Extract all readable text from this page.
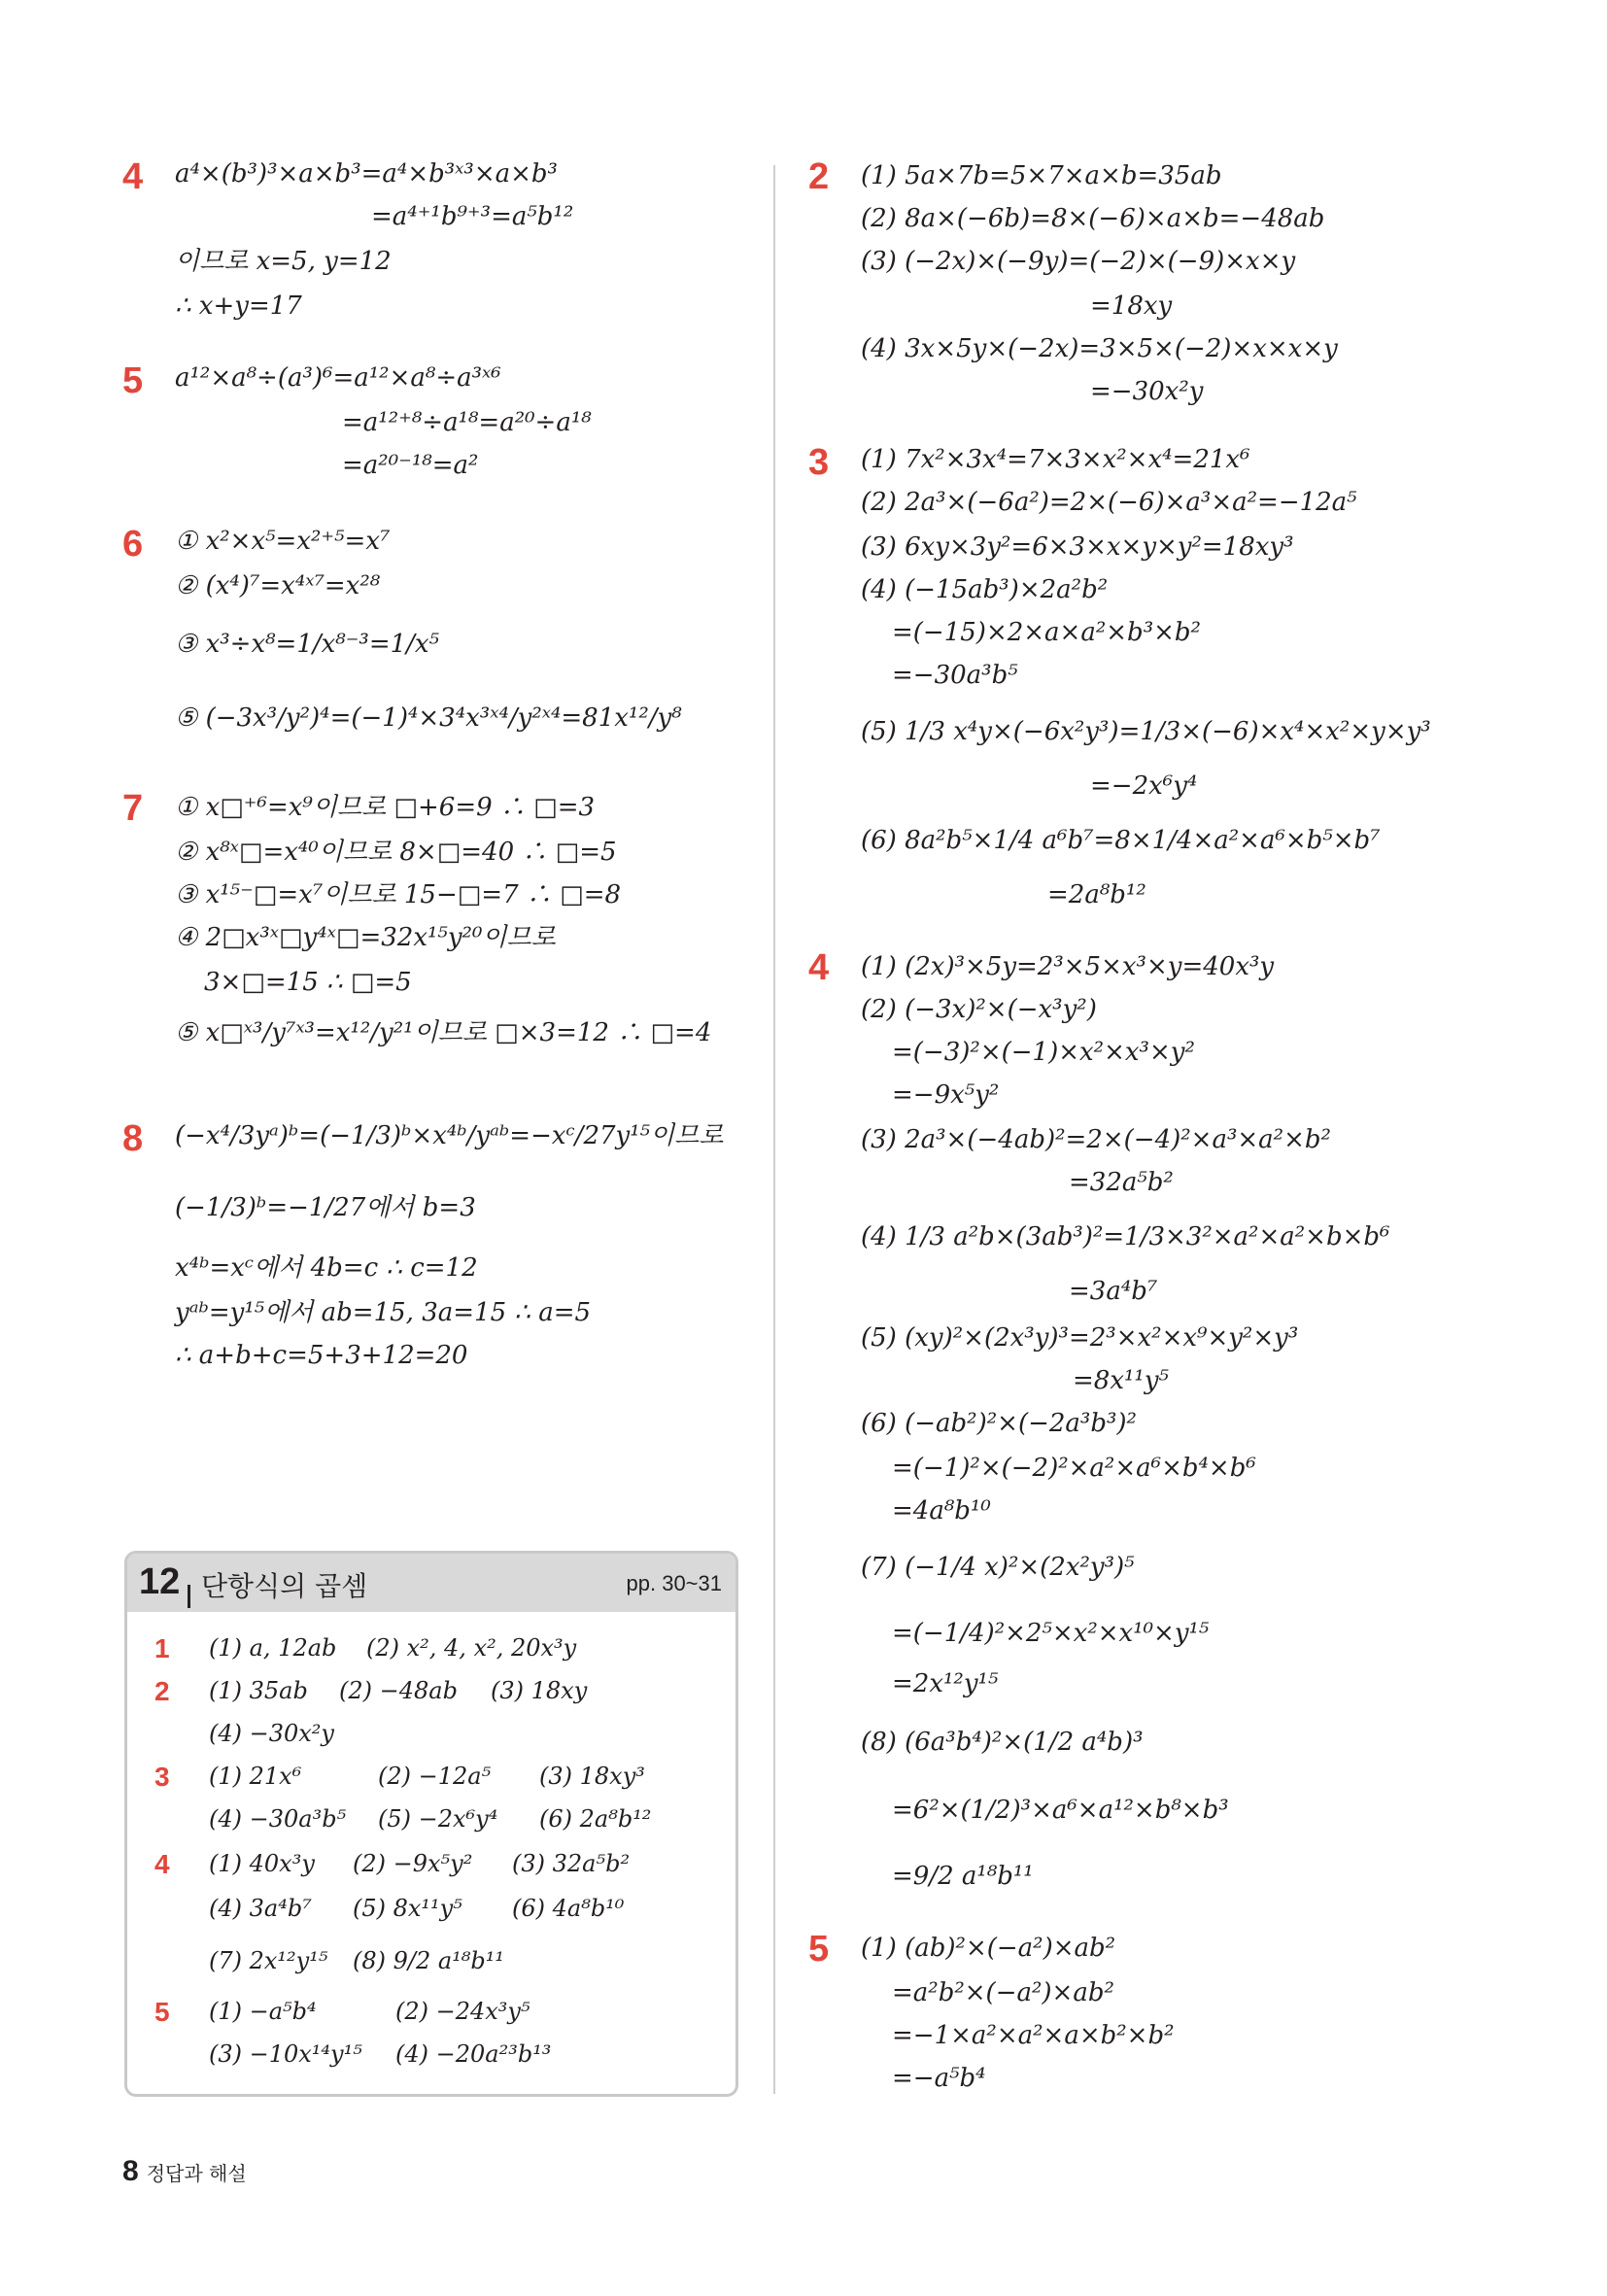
4 a⁴×(b³)³×a×b³=a⁴×b³ˣ³×a×b³
=a⁴⁺¹b⁹⁺³=a⁵b¹²
이므로 x=5, y=12
∴ x+y=17
5 a¹²×a⁸÷(a³)⁶=a¹²×a⁸÷a³ˣ⁶
=a¹²⁺⁸÷a¹⁸=a²⁰÷a¹⁸
=a²⁰⁻¹⁸=a²
6 ① x²×x⁵=x²⁺⁵=x⁷
② (x⁴)⁷=x⁴ˣ⁷=x²⁸
③ x³÷x⁸=1/x⁸⁻³=1/x⁵
⑤ (−3x³/y²)⁴=(−1)⁴×3⁴x³ˣ⁴/y²ˣ⁴=81x¹²/y⁸
7 ① x□⁺⁶=x⁹이므로 □+6=9 ∴ □=3
② x⁸ˣ□=x⁴⁰이므로 8×□=40 ∴ □=5
③ x¹⁵⁻□=x⁷이므로 15−□=7 ∴ □=8
④ 2□x³ˣ□y⁴ˣ□=32x¹⁵y²⁰이므로
3×□=15 ∴ □=5
⑤ x□ˣ³/y⁷ˣ³=x¹²/y²¹이므로 □×3=12 ∴ □=4
8 (−x⁴/3yᵃ)ᵇ=(−1/3)ᵇ×x⁴ᵇ/yᵃᵇ=−xᶜ/27y¹⁵이므로
(−1/3)ᵇ=−1/27에서 b=3
x⁴ᵇ=xᶜ에서 4b=c ∴ c=12
yᵃᵇ=y¹⁵에서 ab=15, 3a=15 ∴ a=5
∴ a+b+c=5+3+12=20
12 단항식의 곱셈	pp. 30~31
1 (1) a, 12ab (2) x², 4, x², 20x³y
2 (1) 35ab (2) −48ab (3) 18xy
(4) −30x²y
3 (1) 21x⁶	(2) −12a⁵ (3) 18xy³
(4) −30a³b⁵ (5) −2x⁶y⁴ (6) 2a⁸b¹²
4 (1) 40x³y (2) −9x⁵y² (3) 32a⁵b²
(4) 3a⁴b⁷ (5) 8x¹¹y⁵ (6) 4a⁸b¹⁰
(7) 2x¹²y¹⁵ (8) 9/2 a¹⁸b¹¹
5 (1) −a⁵b⁴	(2) −24x³y⁵
(3) −10x¹⁴y¹⁵ (4) −20a²³b¹³
2 (1) 5a×7b=5×7×a×b=35ab
(2) 8a×(−6b)=8×(−6)×a×b=−48ab
(3) (−2x)×(−9y)=(−2)×(−9)×x×y
=18xy
(4) 3x×5y×(−2x)=3×5×(−2)×x×x×y
=−30x²y
3 (1) 7x²×3x⁴=7×3×x²×x⁴=21x⁶
(2) 2a³×(−6a²)=2×(−6)×a³×a²=−12a⁵
(3) 6xy×3y²=6×3×x×y×y²=18xy³
(4) (−15ab³)×2a²b²
=(−15)×2×a×a²×b³×b²
=−30a³b⁵
(5) 1/3 x⁴y×(−6x²y³)=1/3×(−6)×x⁴×x²×y×y³
=−2x⁶y⁴
(6) 8a²b⁵×1/4 a⁶b⁷=8×1/4×a²×a⁶×b⁵×b⁷
=2a⁸b¹²
4 (1) (2x)³×5y=2³×5×x³×y=40x³y
(2) (−3x)²×(−x³y²)
=(−3)²×(−1)×x²×x³×y²
=−9x⁵y²
(3) 2a³×(−4ab)²=2×(−4)²×a³×a²×b²
=32a⁵b²
(4) 1/3 a²b×(3ab³)²=1/3×3²×a²×a²×b×b⁶
=3a⁴b⁷
(5) (xy)²×(2x³y)³=2³×x²×x⁹×y²×y³
=8x¹¹y⁵
(6) (−ab²)²×(−2a³b³)²
=(−1)²×(−2)²×a²×a⁶×b⁴×b⁶
=4a⁸b¹⁰
(7) (−1/4 x)²×(2x²y³)⁵
=(−1/4)²×2⁵×x²×x¹⁰×y¹⁵
=2x¹²y¹⁵
(8) (6a³b⁴)²×(1/2 a⁴b)³
=6²×(1/2)³×a⁶×a¹²×b⁸×b³
=9/2 a¹⁸b¹¹
5 (1) (ab)²×(−a²)×ab²
=a²b²×(−a²)×ab²
=−1×a²×a²×a×b²×b²
=−a⁵b⁴
8 정답과 해설
